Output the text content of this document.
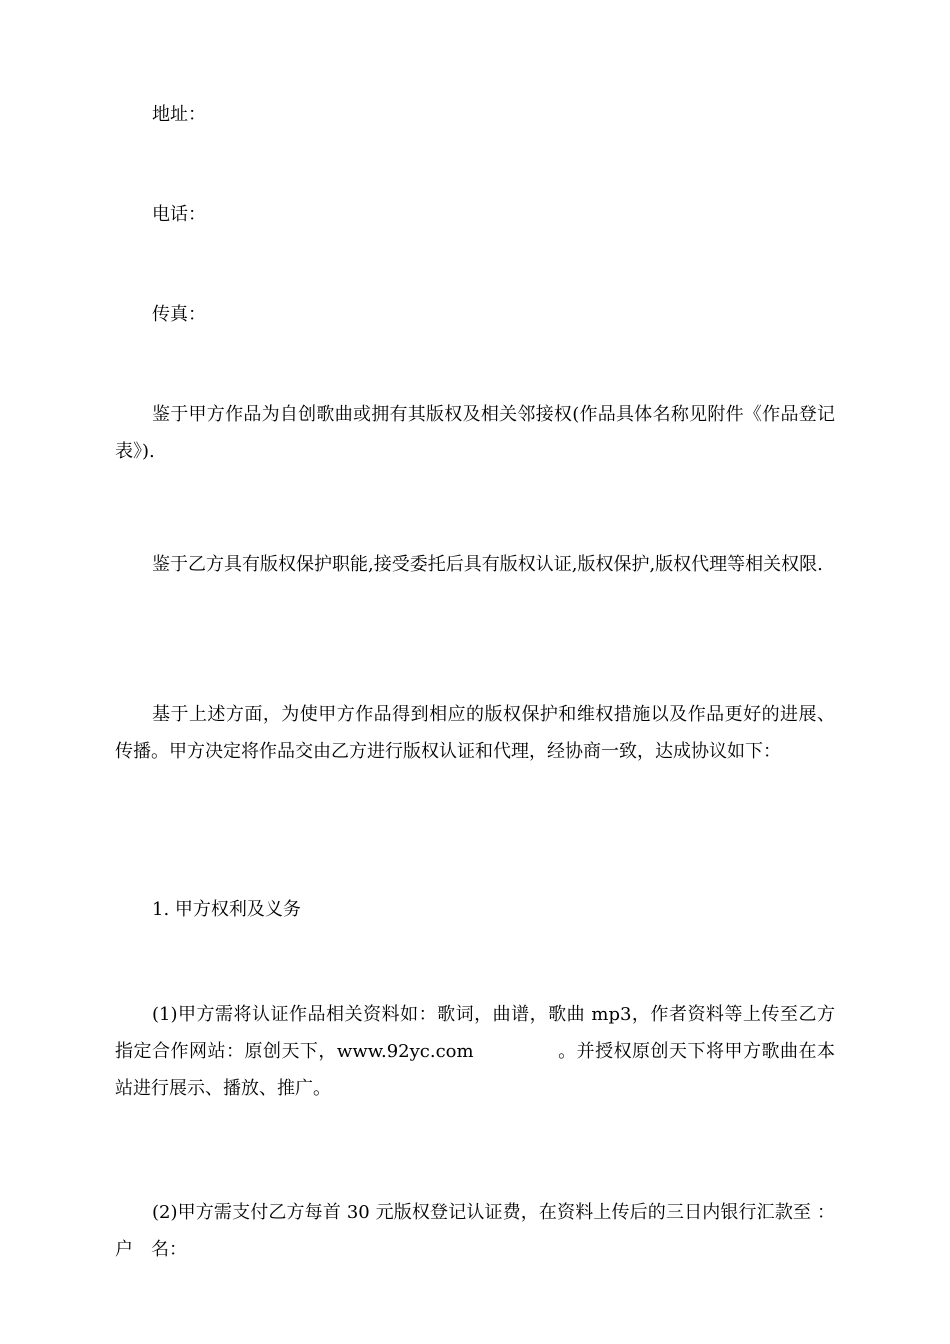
地址：
电话：
传真：

鉴于甲方作品为自创歌曲或拥有其版权及相关邻接权(作品具体名称见附件《作品登记表》).

鉴于乙方具有版权保护职能,接受委托后具有版权认证,版权保护,版权代理等相关权限.

基于上述方面，为使甲方作品得到相应的版权保护和维权措施以及作品更好的进展、传播。甲方决定将作品交由乙方进行版权认证和代理，经协商一致，达成协议如下：

1. 甲方权利及义务

(1)甲方需将认证作品相关资料如：歌词，曲谱，歌曲 mp3，作者资料等上传至乙方指定合作网站：原创天下，www.92yc.com	。并授权原创天下将甲方歌曲在本站进行展示、播放、推广。

(2)甲方需支付乙方每首 30 元版权登记认证费，在资料上传后的三日内银行汇款至 ：户　名：
